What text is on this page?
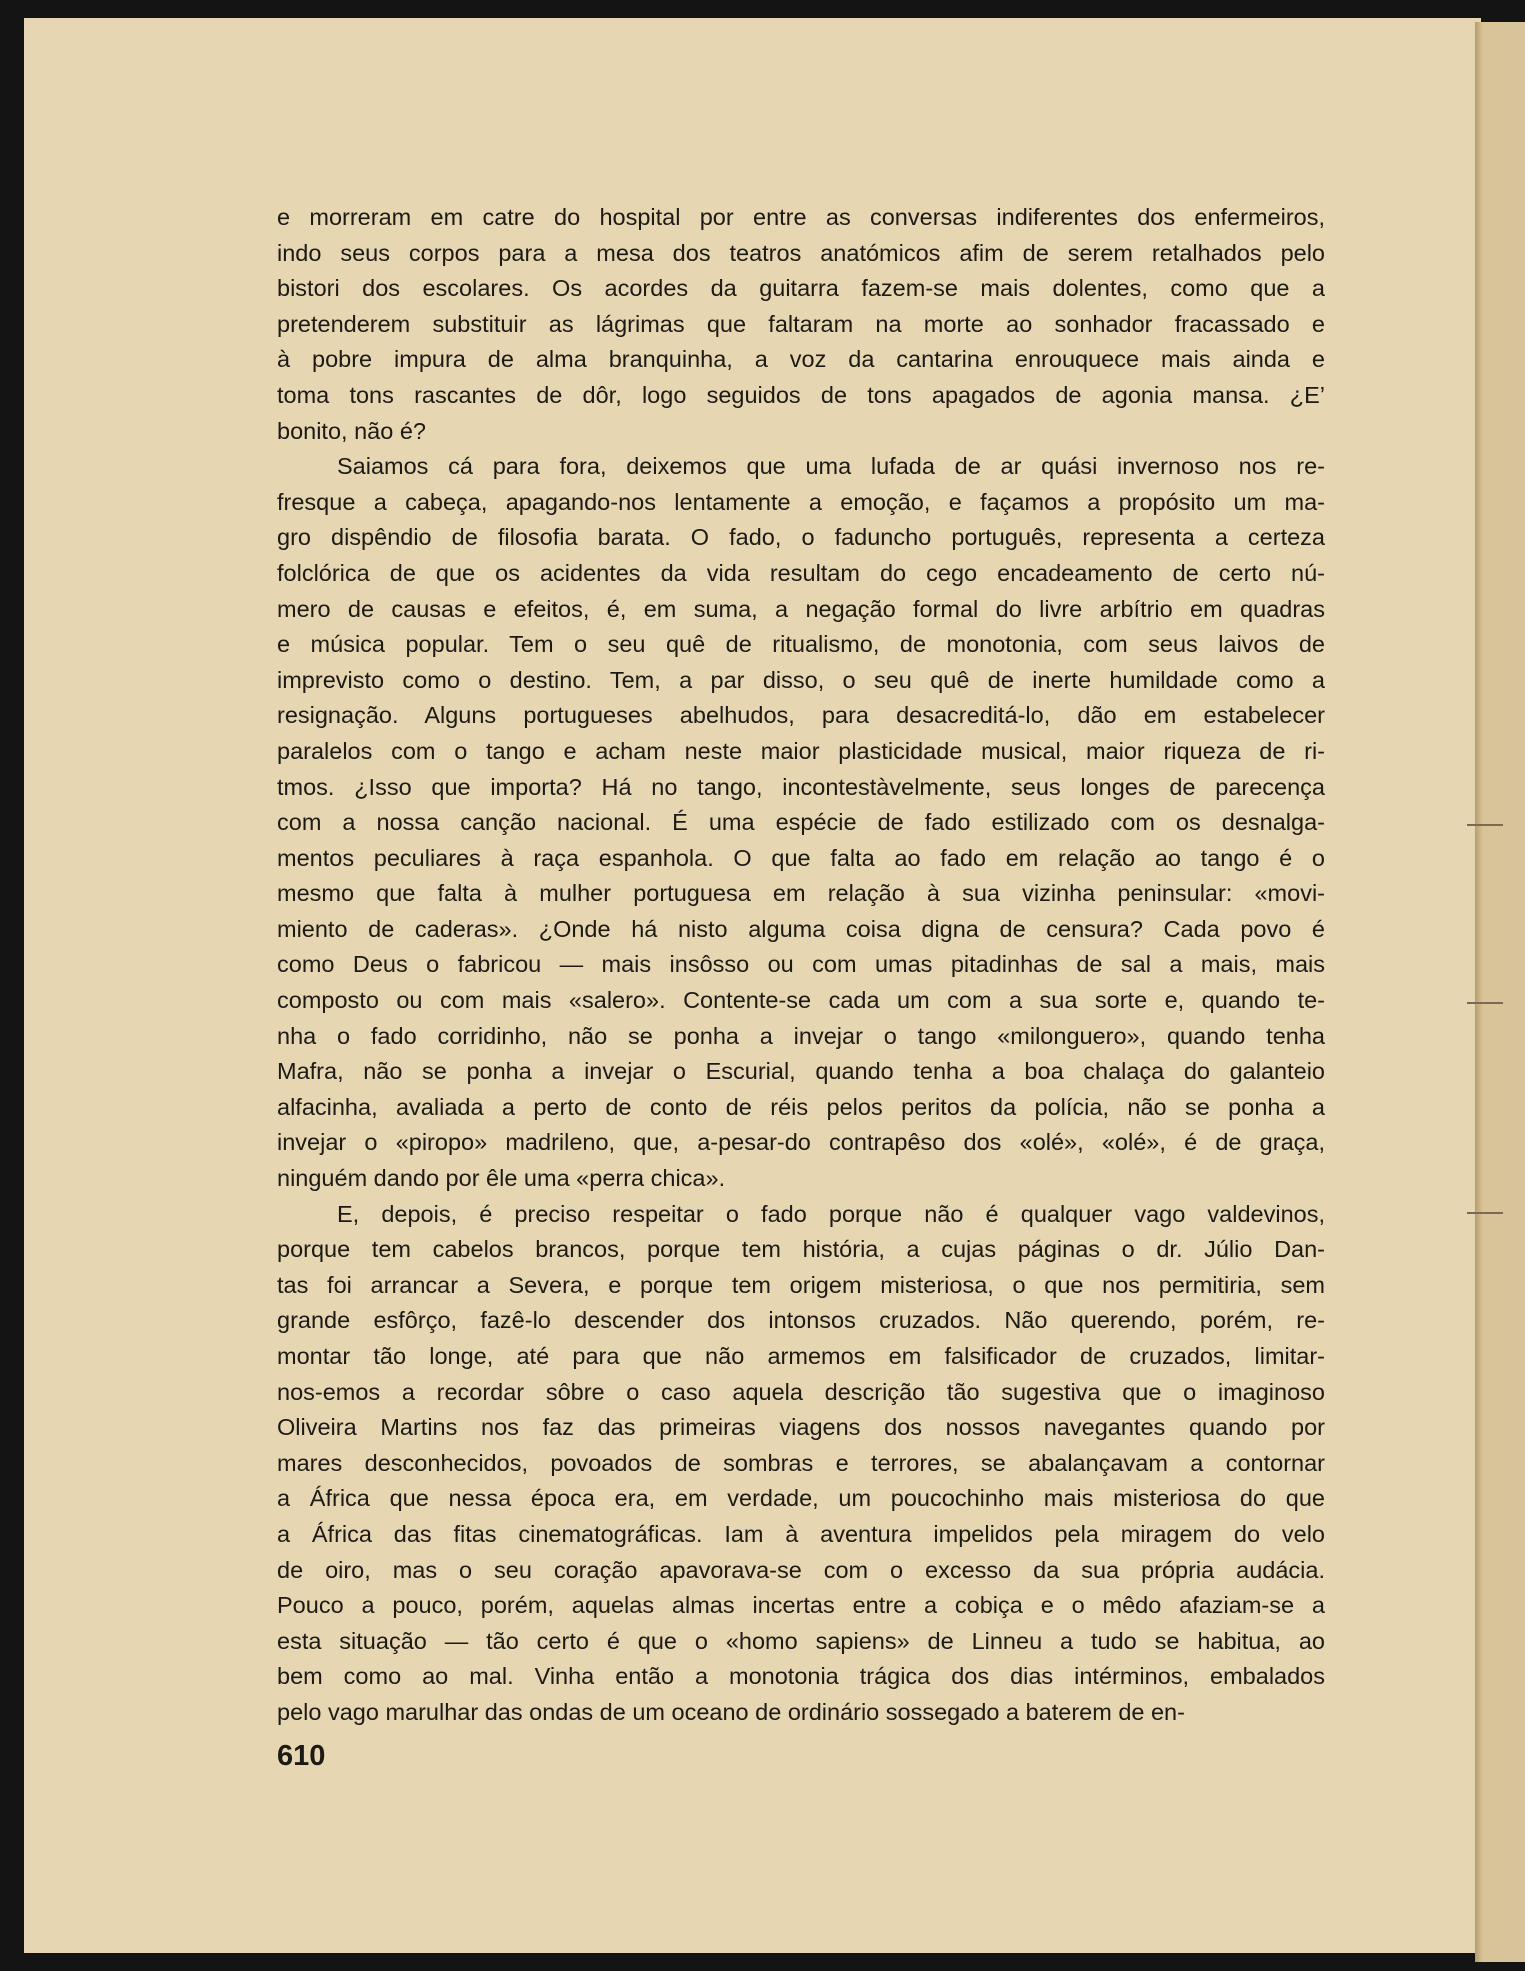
e morreram em catre do hospital por entre as conversas indiferentes dos enfermeiros,
indo seus corpos para a mesa dos teatros anatómicos afim de serem retalhados pelo
bistori dos escolares. Os acordes da guitarra fazem-se mais dolentes, como que a
pretenderem substituir as lágrimas que faltaram na morte ao sonhador fracassado e
à pobre impura de alma branquinha, a voz da cantarina enrouquece mais ainda e
toma tons rascantes de dôr, logo seguidos de tons apagados de agonia mansa. ¿E’
bonito, não é?
Saiamos cá para fora, deixemos que uma lufada de ar quási invernoso nos re-
fresque a cabeça, apagando-nos lentamente a emoção, e façamos a propósito um ma-
gro dispêndio de filosofia barata. O fado, o faduncho português, representa a certeza
folclórica de que os acidentes da vida resultam do cego encadeamento de certo nú-
mero de causas e efeitos, é, em suma, a negação formal do livre arbítrio em quadras
e música popular. Tem o seu quê de ritualismo, de monotonia, com seus laivos de
imprevisto como o destino. Tem, a par disso, o seu quê de inerte humildade como a
resignação. Alguns portugueses abelhudos, para desacreditá-lo, dão em estabelecer
paralelos com o tango e acham neste maior plasticidade musical, maior riqueza de ri-
tmos. ¿Isso que importa? Há no tango, incontestàvelmente, seus longes de parecença
com a nossa canção nacional. É uma espécie de fado estilizado com os desnalga-
mentos peculiares à raça espanhola. O que falta ao fado em relação ao tango é o
mesmo que falta à mulher portuguesa em relação à sua vizinha peninsular: «movi-
miento de caderas». ¿Onde há nisto alguma coisa digna de censura? Cada povo é
como Deus o fabricou — mais insôsso ou com umas pitadinhas de sal a mais, mais
composto ou com mais «salero». Contente-se cada um com a sua sorte e, quando te-
nha o fado corridinho, não se ponha a invejar o tango «milonguero», quando tenha
Mafra, não se ponha a invejar o Escurial, quando tenha a boa chalaça do galanteio
alfacinha, avaliada a perto de conto de réis pelos peritos da polícia, não se ponha a
invejar o «piropo» madrileno, que, a-pesar-do contrapêso dos «olé», «olé», é de graça,
ninguém dando por êle uma «perra chica».
E, depois, é preciso respeitar o fado porque não é qualquer vago valdevinos,
porque tem cabelos brancos, porque tem história, a cujas páginas o dr. Júlio Dan-
tas foi arrancar a Severa, e porque tem origem misteriosa, o que nos permitiria, sem
grande esfôrço, fazê-lo descender dos intonsos cruzados. Não querendo, porém, re-
montar tão longe, até para que não armemos em falsificador de cruzados, limitar-
nos-emos a recordar sôbre o caso aquela descrição tão sugestiva que o imaginoso
Oliveira Martins nos faz das primeiras viagens dos nossos navegantes quando por
mares desconhecidos, povoados de sombras e terrores, se abalançavam a contornar
a África que nessa época era, em verdade, um poucochinho mais misteriosa do que
a África das fitas cinematográficas. Iam à aventura impelidos pela miragem do velo
de oiro, mas o seu coração apavorava-se com o excesso da sua própria audácia.
Pouco a pouco, porém, aquelas almas incertas entre a cobiça e o mêdo afaziam-se a
esta situação — tão certo é que o «homo sapiens» de Linneu a tudo se habitua, ao
bem como ao mal. Vinha então a monotonia trágica dos dias intérminos, embalados
pelo vago marulhar das ondas de um oceano de ordinário sossegado a baterem de en-
610
